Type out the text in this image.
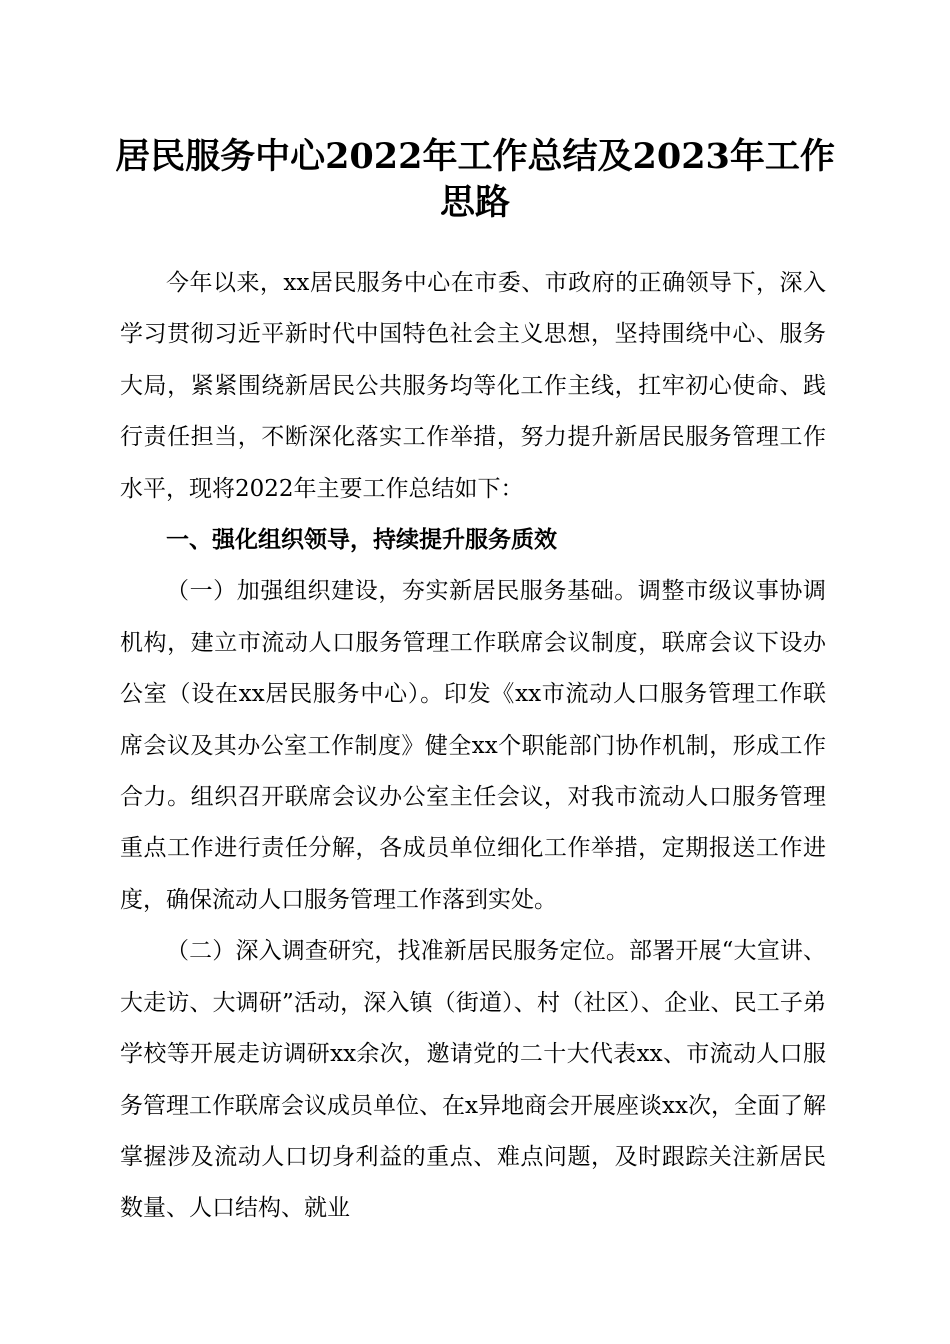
居民服务中心2022年工作总结及2023年工作思路

今年以来，xx居民服务中心在市委、市政府的正确领导下，深入学习贯彻习近平新时代中国特色社会主义思想，坚持围绕中心、服务大局，紧紧围绕新居民公共服务均等化工作主线，扛牢初心使命、践行责任担当，不断深化落实工作举措，努力提升新居民服务管理工作水平，现将2022年主要工作总结如下：

一、强化组织领导，持续提升服务质效

（一）加强组织建设，夯实新居民服务基础。调整市级议事协调机构，建立市流动人口服务管理工作联席会议制度，联席会议下设办公室（设在xx居民服务中心）。印发《xx市流动人口服务管理工作联席会议及其办公室工作制度》健全xx个职能部门协作机制，形成工作合力。组织召开联席会议办公室主任会议，对我市流动人口服务管理重点工作进行责任分解，各成员单位细化工作举措，定期报送工作进度，确保流动人口服务管理工作落到实处。

（二）深入调查研究，找准新居民服务定位。部署开展“大宣讲、大走访、大调研”活动，深入镇（街道）、村（社区）、企业、民工子弟学校等开展走访调研xx余次，邀请党的二十大代表xx、市流动人口服务管理工作联席会议成员单位、在x异地商会开展座谈xx次，全面了解掌握涉及流动人口切身利益的重点、难点问题，及时跟踪关注新居民数量、人口结构、就业
